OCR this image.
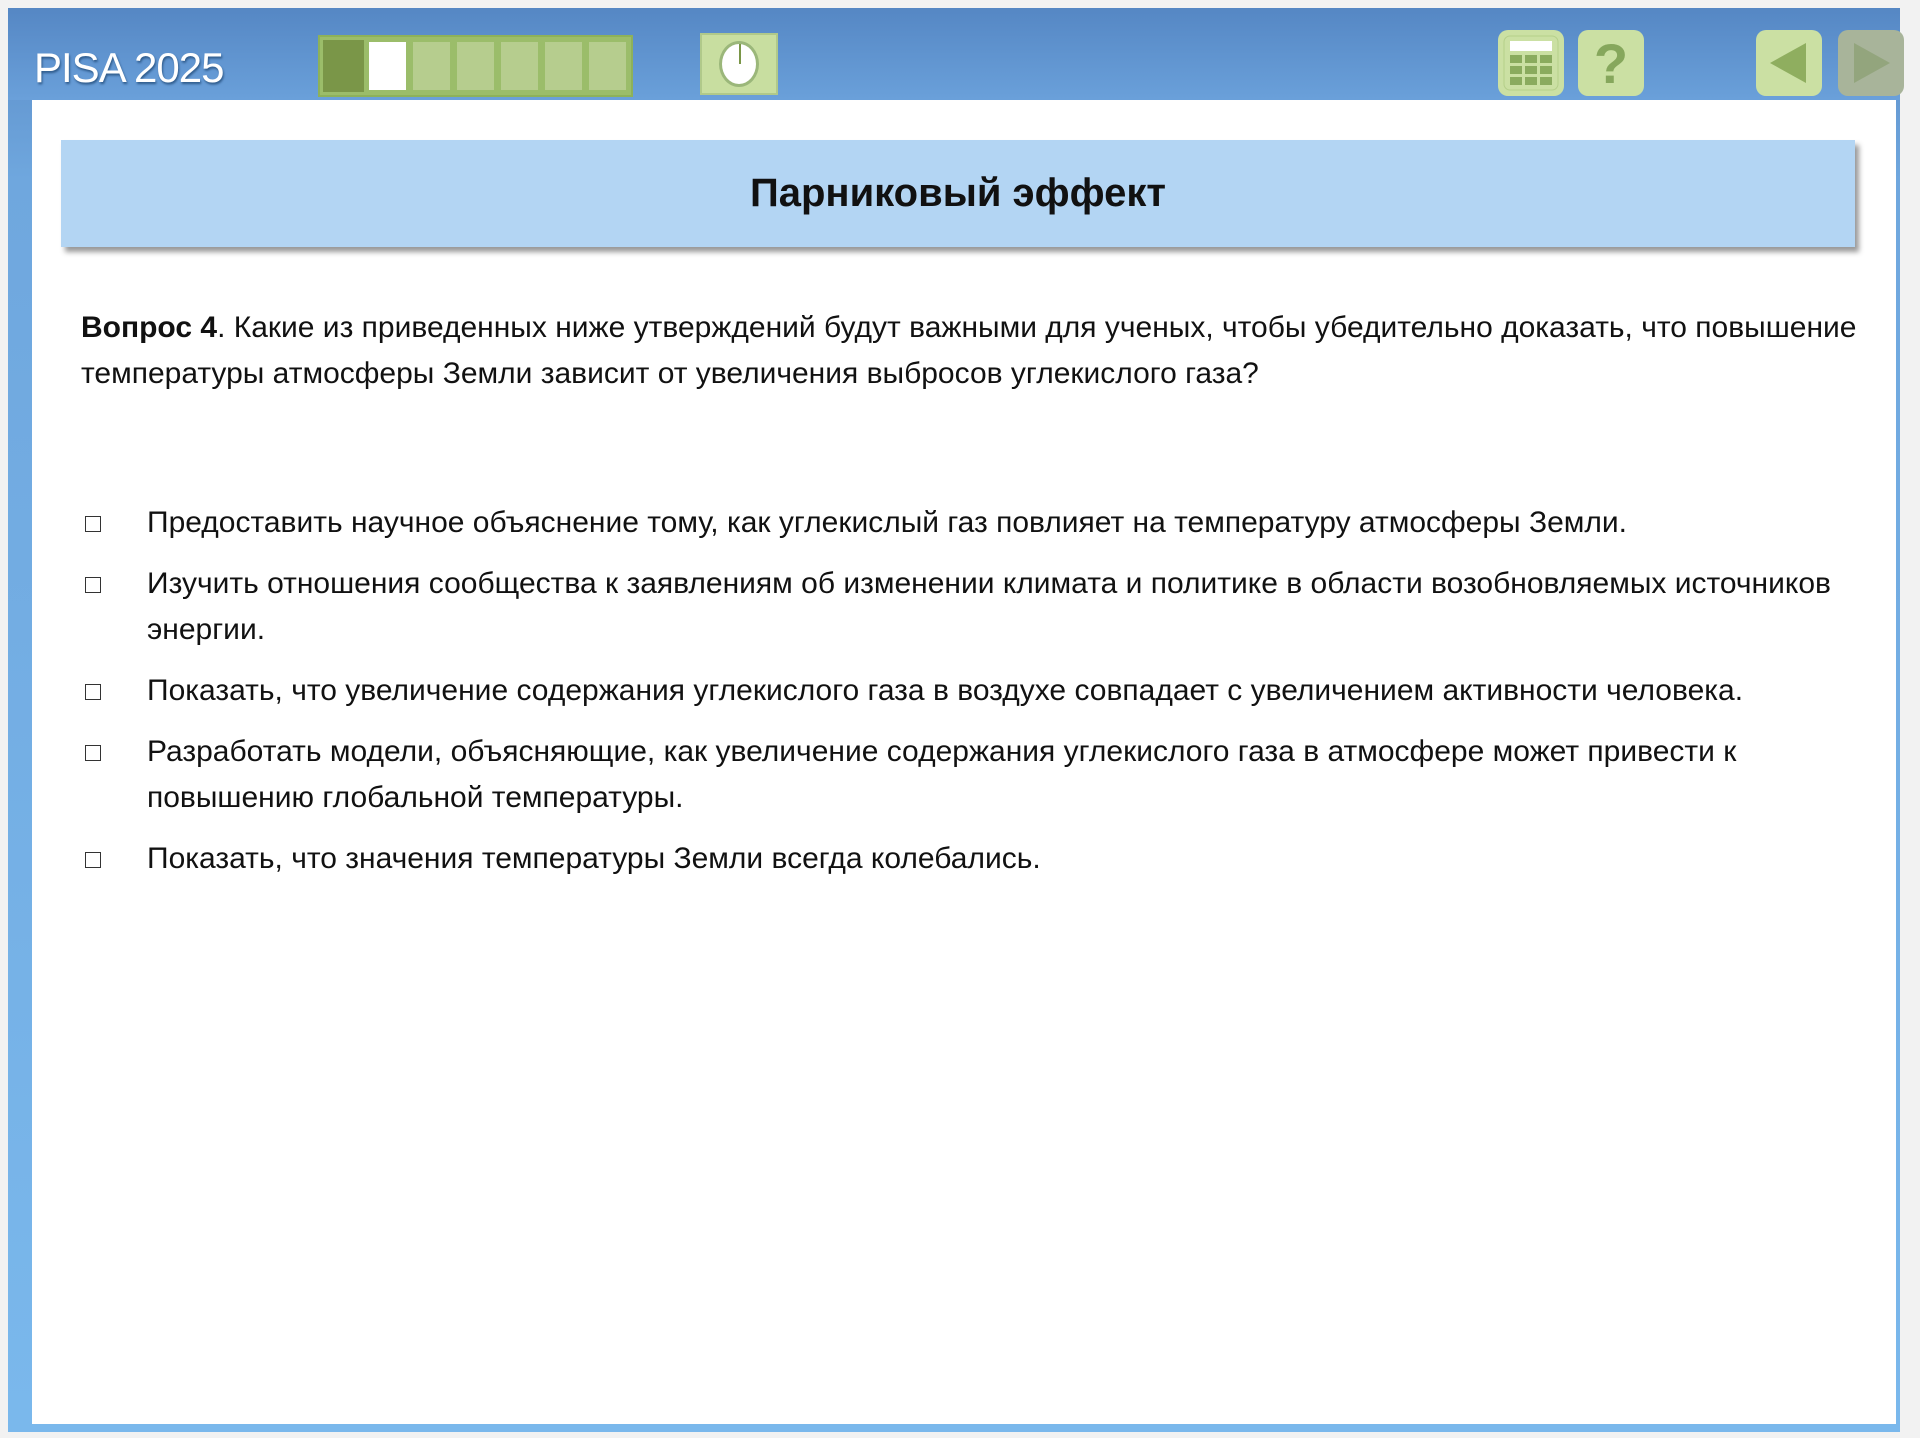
PISA 2025	?
Парниковый эффект
Вопрос 4. Какие из приведенных ниже утверждений будут важными для ученых, чтобы убедительно доказать, что повышение температуры атмосферы Земли зависит от увеличения выбросов углекислого газа?
Предоставить научное объяснение тому, как углекислый газ повлияет на температуру атмосферы Земли.
Изучить отношения сообщества к заявлениям об изменении климата и политике в области возобновляемых источников энергии.
Показать, что увеличение содержания углекислого газа в воздухе совпадает с увеличением активности человека.
Разработать модели, объясняющие, как увеличение содержания углекислого газа в атмосфере может привести к повышению глобальной температуры.
Показать, что значения температуры Земли всегда колебались.
